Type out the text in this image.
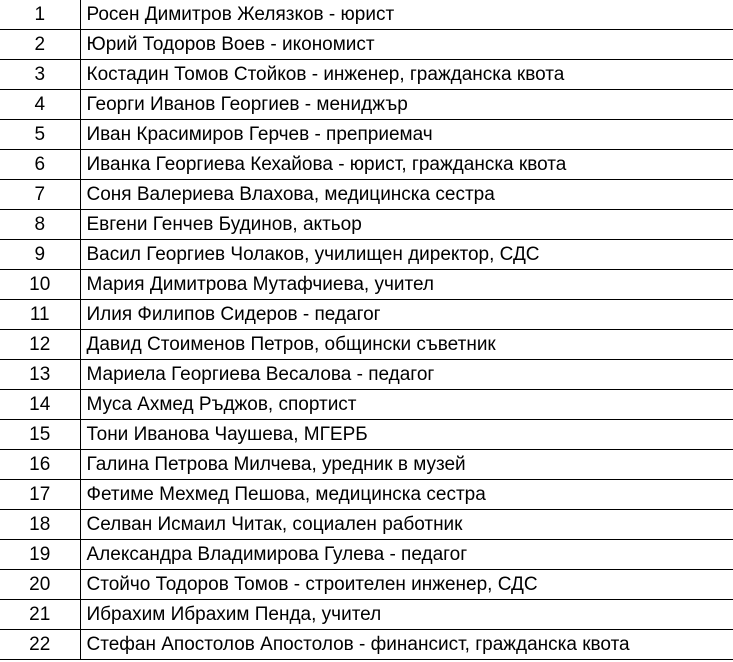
1	Росен Димитров Желязков - юрист
2	Юрий Тодоров Воев - икономист
3	Костадин Томов Стойков - инженер, гражданска квота
4	Георги Иванов Георгиев - мениджър
5	Иван Красимиров Герчев - преприемач
6	Иванка Георгиева Кехайова - юрист, гражданска квота
7	Соня Валериева Влахова, медицинска сестра
8	Евгени Генчев Будинов, актьор
9	Васил Георгиев Чолаков, училищен директор, СДС
10	Мария Димитрова Мутафчиева, учител
11	Илия Филипов Сидеров - педагог
12	Давид Стоименов Петров, общински съветник
13	Мариела Георгиева Весалова - педагог
14	Муса Ахмед Ръджов, спортист
15	Тони Иванова Чаушева, МГЕРБ
16	Галина Петрова Милчева, уредник в музей
17	Фетиме Мехмед Пешова, медицинска сестра
18	Селван Исмаил Читак, социален работник
19	Александра Владимирова Гулева - педагог
20	Стойчо Тодоров Томов - строителен инженер, СДС
21	Ибрахим Ибрахим Пенда, учител
22	Стефан Апостолов Апостолов - финансист, гражданска квота
